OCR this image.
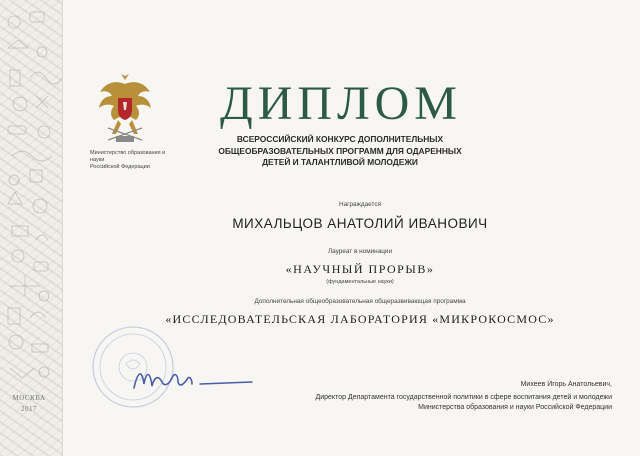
МОСКВА
2017
Министерство образования и науки
Российской Федерации
ДИПЛОМ
ВСЕРОССИЙСКИЙ КОНКУРС ДОПОЛНИТЕЛЬНЫХ
ОБЩЕОБРАЗОВАТЕЛЬНЫХ ПРОГРАММ ДЛЯ ОДАРЕННЫХ
ДЕТЕЙ И ТАЛАНТЛИВОЙ МОЛОДЕЖИ
Награждается
МИХАЛЬЦОВ АНАТОЛИЙ ИВАНОВИЧ
Лауреат в номинации
«НАУЧНЫЙ ПРОРЫВ»
(фундаментальные науки)
Дополнительная общеобразовательная общеразвивающая программа
«ИССЛЕДОВАТЕЛЬСКАЯ ЛАБОРАТОРИЯ «МИКРОКОСМОС»
Михеев Игорь Анатольевич,
Директор Департамента государственной политики в сфере воспитания детей и молодежи
Министерства образования и науки Российской Федерации
